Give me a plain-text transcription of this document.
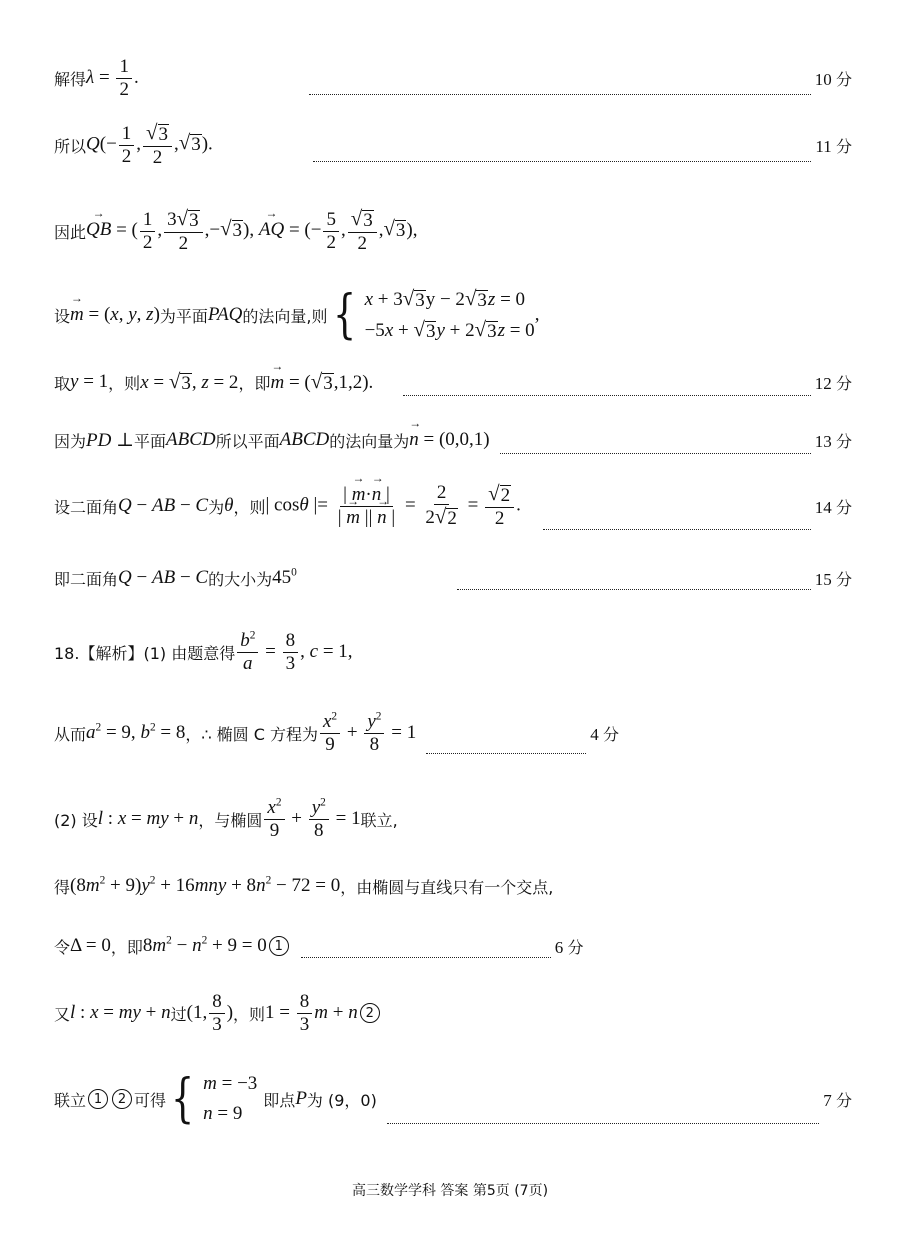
解得 $\lambda = \frac{1}{2}$ .	10 分
所以 $Q(- \frac{1}{2}$ , $\frac{√ 3}{2}$ , √ 3 ).	11 分
因此 → QB = ( $\frac{1}{2}$ , $\frac{3 √ 3}{2}$ ,− √ 3 ), → AQ = (− $\frac{5}{2}$ , $\frac{√ 3}{2}$ , √ 3 ),
设 → m = (x, y, z) 为平面 PAQ 的法向量,则 { x + 3 √ 3 y − 2 √ 3 z = 0
−5x + √ 3 y + 2 √ 3 z = 0
,
取 y = 1 ，则 x = √ 3 , z = 2 ，即 → m = ( √ 3 ,1,2).	12 分
因为 PD ⊥ 平面 ABCD 所以平面 ABCD 的法向量为 → n = (0,0,1)	13 分
设二面角 Q − AB − C 为 θ ，则 | cosθ |= $\frac{| \to m\cdot\to n |}{| \to m || \to n |} = \frac{2}{2 √ 2} = \frac{√ 2}{2}$ .	14 分
即二面角 Q − AB − C 的大小为 $45^0$	15 分
18.【解析】(1) 由题意得 $\frac{b^2}{a} = \frac{8}{3}$ , c = 1,
从而 $a^2 = 9$, $b^2 = 8$ ，∴ 椭圆 C 方程为 $\frac{x^2}{9} + \frac{y^2}{8} = 1$	4 分
(2) 设 l : x = my + n ，与椭圆 $\frac{x^2}{9} + \frac{y^2}{8} = 1$ 联立,
得 $(8m^2 + 9)y^2 + 16mny + 8n^2 - 72 = 0$ ，由椭圆与直线只有一个交点,
令 Δ = 0 ，即 $8m^2 - n^2 + 9 = 0$ 1	6 分
又 l : x = my + n 过 (1, $\frac{8}{3}$ ) ，则 $1 = \frac{8}{3}$ m + n 2
联立 1	2 可得 { m = −3
n = 9
即点 P 为 (9，0)	7 分
高三数学学科 答案 第5页 (7页)
